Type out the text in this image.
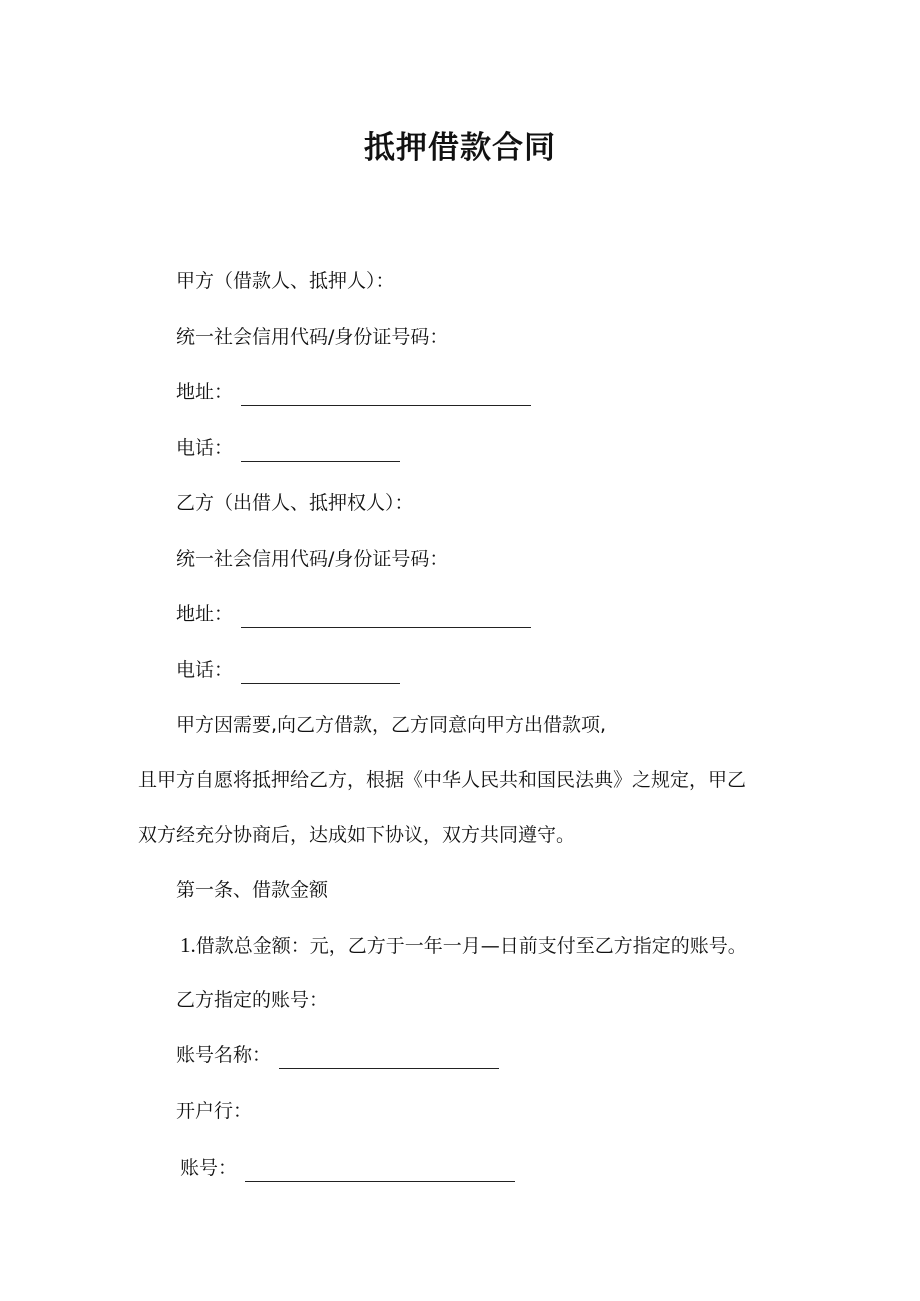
抵押借款合同
甲方（借款人、抵押人）：
统一社会信用代码/身份证号码：
地址：
电话：
乙方（出借人、抵押权人）：
统一社会信用代码/身份证号码：
地址：
电话：
甲方因需要,向乙方借款，乙方同意向甲方出借款项,
且甲方自愿将抵押给乙方，根据《中华人民共和国民法典》之规定，甲乙
双方经充分协商后，达成如下协议，双方共同遵守。
第一条、借款金额
1.借款总金额：元，乙方于一年一月—日前支付至乙方指定的账号。
乙方指定的账号：
账号名称：
开户行：
账号：
